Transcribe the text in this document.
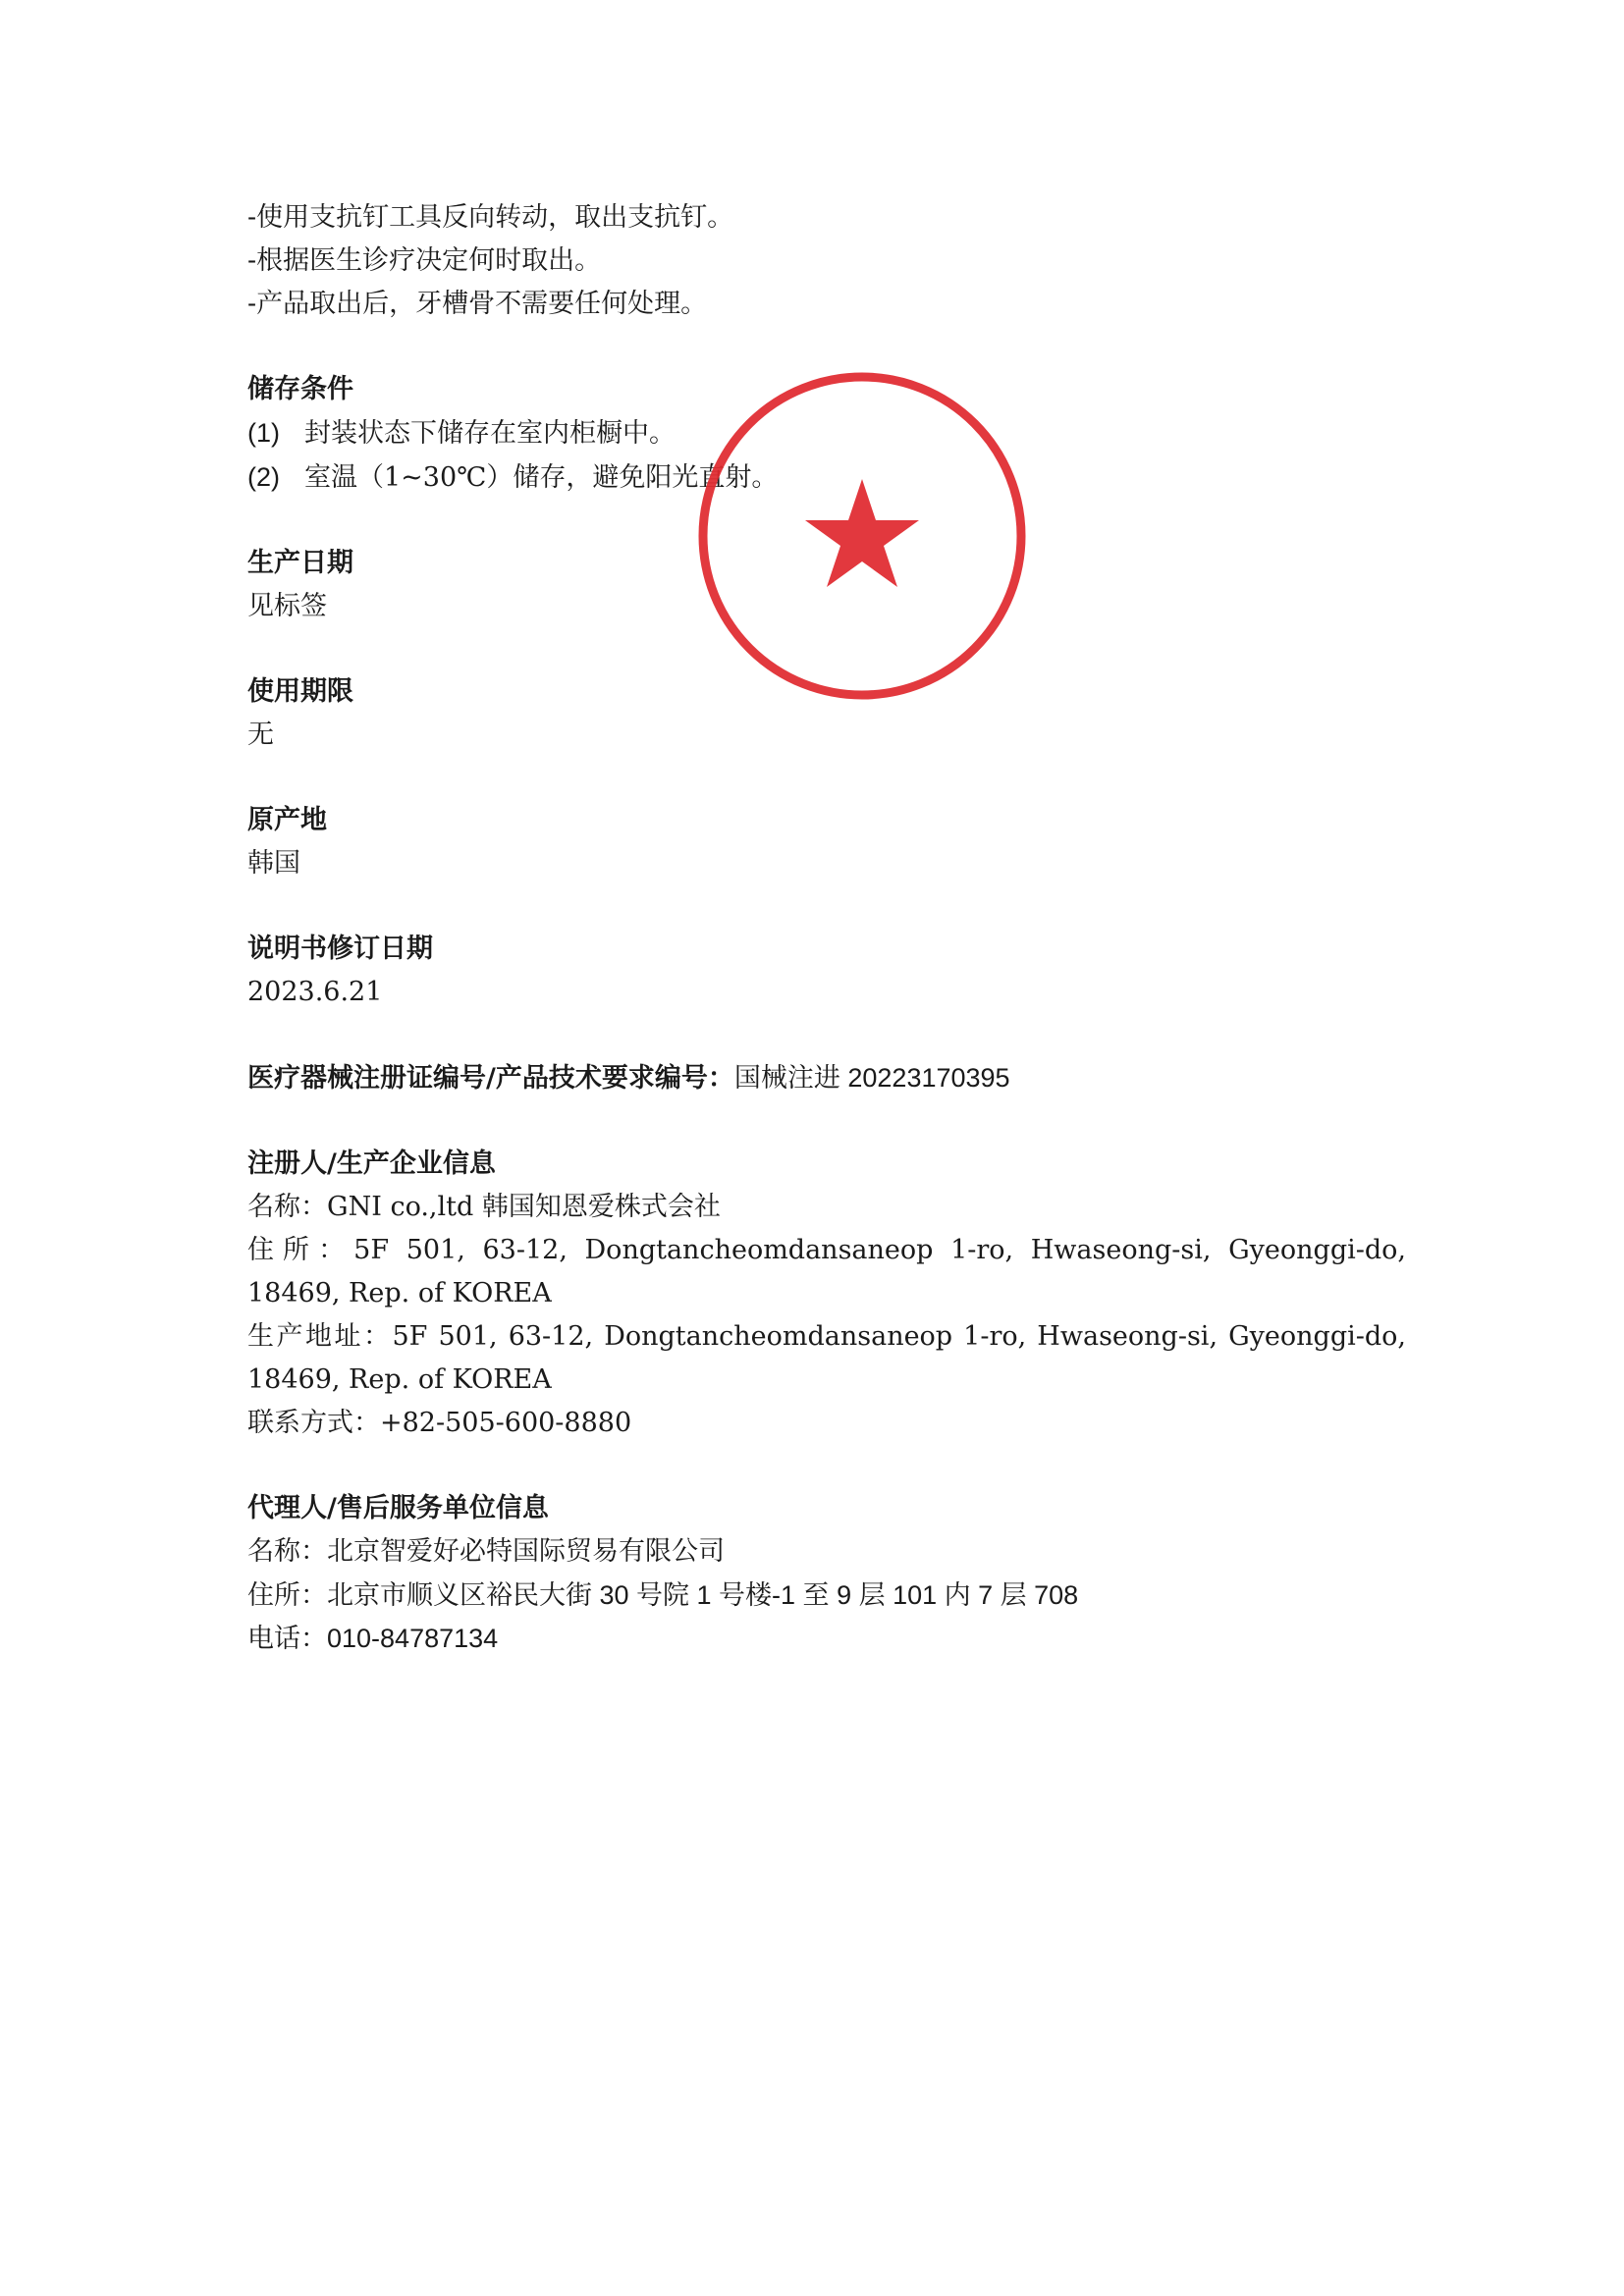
-使用支抗钉工具反向转动，取出支抗钉。
-根据医生诊疗决定何时取出。
-产品取出后，牙槽骨不需要任何处理。
储存条件
(1) 封装状态下储存在室内柜橱中。
(2) 室温（1~30℃）储存，避免阳光直射。
生产日期
见标签
使用期限
无
原产地
韩国
说明书修订日期
2023.6.21
医疗器械注册证编号/产品技术要求编号：国械注进 20223170395
注册人/生产企业信息
名称：GNI co.,ltd 韩国知恩爱株式会社
住所：5F 501, 63-12, Dongtancheomdansaneop 1-ro, Hwaseong-si, Gyeonggi-do, 18469, Rep. of KOREA
生产地址：5F 501, 63-12, Dongtancheomdansaneop 1-ro, Hwaseong-si, Gyeonggi-do, 18469, Rep. of KOREA
联系方式：+82-505-600-8880
代理人/售后服务单位信息
名称：北京智爱好必特国际贸易有限公司
住所：北京市顺义区裕民大街 30 号院 1 号楼-1 至 9 层 101 内 7 层 708
电话：010-84787134
